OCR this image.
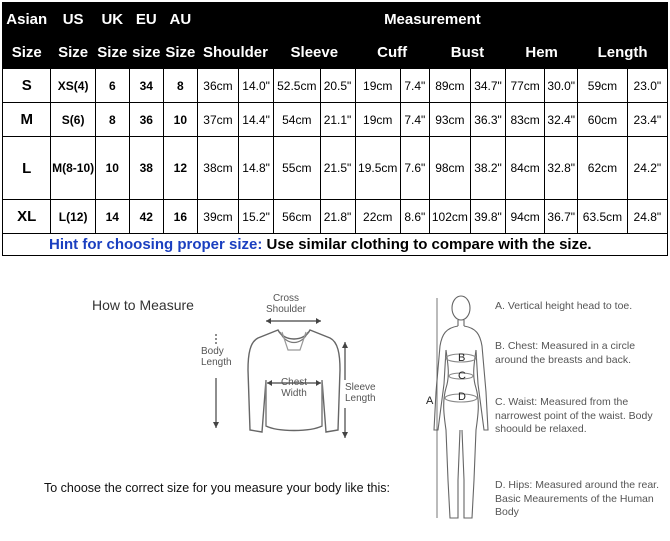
Asian	US	UK	EU	AU	Measurement											
Size	Size	Size	size	Size	Shoulder		Sleeve		Cuff		Bust		Hem		Length	
S	XS(4)	6	34	8	36cm	14.0"	52.5cm	20.5"	19cm	7.4"	89cm	34.7"	77cm	30.0"	59cm	23.0"
M	S(6)	8	36	10	37cm	14.4"	54cm	21.1"	19cm	7.4"	93cm	36.3"	83cm	32.4"	60cm	23.4"
L	M(8-10)	10	38	12	38cm	14.8"	55cm	21.5"	19.5cm	7.6"	98cm	38.2"	84cm	32.8"	62cm	24.2"
XL	L(12)	14	42	16	39cm	15.2"	56cm	21.8"	22cm	8.6"	102cm	39.8"	94cm	36.7"	63.5cm	24.8"
Hint for choosing proper size: Use similar clothing to compare with the size.																
How to Measure	Cross Shoulder
Body Length
Chest Width
Sleeve Length
To choose the correct size for you measure your body like this:
A
B
C
D
A. Vertical height head to toe.
B. Chest: Measured in a circle around the breasts and back.
C. Waist: Measured from the narrowest point of the waist. Body shoould be relaxed.
D. Hips: Measured around the rear. Basic Meaurements of the Human Body
